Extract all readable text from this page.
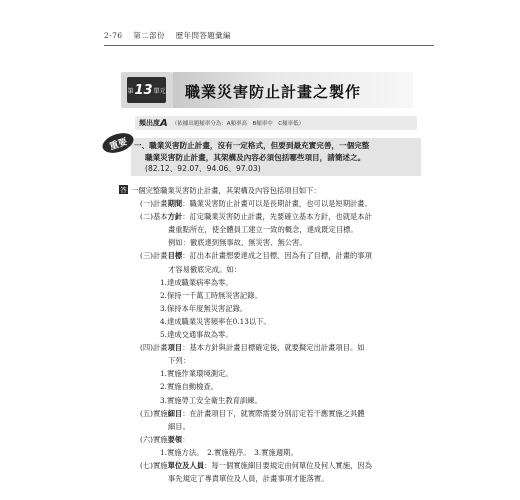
2-76 第二部份 歷年問答題彙編
第 13 單元 職業災害防止計畫之製作
頻出度 A （依據出題頻率分為：A頻率高　B頻率中　C頻率低）
重要 一、職業災害防止計畫，沒有一定格式，但要到最充實完善，一個完整
職業災害防止計畫，其架構及內容必須包括哪些項目，請簡述之。
(82.12、92.07、94.06、97.03)
答 一個完整職業災害防止計畫，其架構及內容包括項目如下：
(一)計畫期間：職業災害防止計畫可以是長期計畫，也可以是短期計畫。
(二)基本方針：訂定職業災害防止計畫，先要確立基本方針，也就是本計
畫重點所在，使全體員工建立一致的概念，達成既定目標。
例如：徹底達到無事故、無災害、無公害。
(三)計畫目標：訂出本計畫想要達成之目標，因為有了目標，計畫的事項
才容易徹底完成。如：
1.達成職業病率為零。
2.保持一千萬工時無災害記錄。
3.保持本年度無災害記錄。
4.達成職業災害頻率在0.13以下。
5.達成交通事故為零。
(四)計畫項目：基本方針與計畫目標確定後，就要擬定出計畫項目。如
下列：
1.實施作業環境測定。
2.實施自動檢查。
3.實施勞工安全衛生教育訓練。
(五)實施細目：在計畫項目下，就實際需要分別訂定若干應實施之具體
細目。
(六)實施要領：
1.實施方法。　2.實施程序。　3.實施週期。
(七)實施單位及人員：每一個實施細目要規定由何單位及何人實施，因為
事先規定了專責單位及人員，計畫事項才能落實。
